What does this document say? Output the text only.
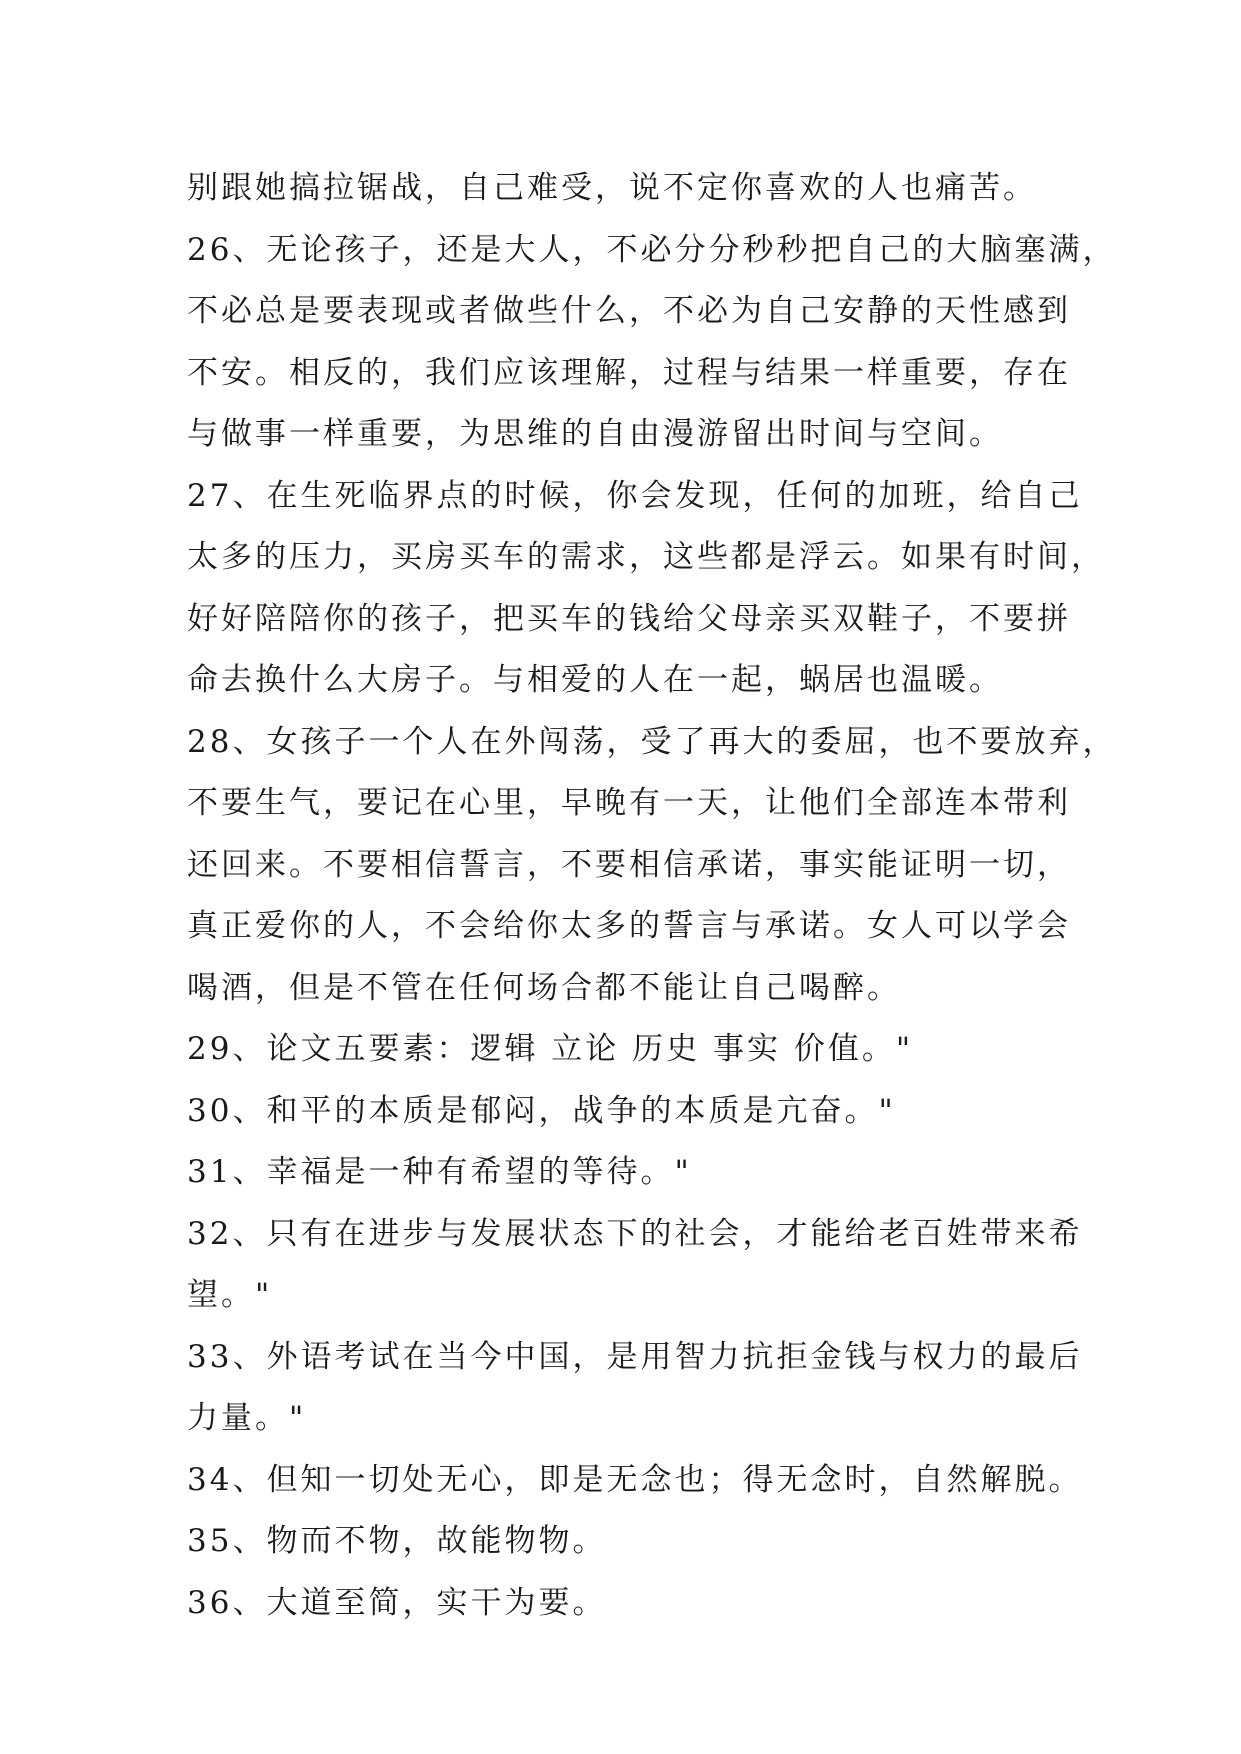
别跟她搞拉锯战，自己难受，说不定你喜欢的人也痛苦。
26、无论孩子，还是大人，不必分分秒秒把自己的大脑塞满，
不必总是要表现或者做些什么，不必为自己安静的天性感到
不安。相反的，我们应该理解，过程与结果一样重要，存在
与做事一样重要，为思维的自由漫游留出时间与空间。
27、在生死临界点的时候，你会发现，任何的加班，给自己
太多的压力，买房买车的需求，这些都是浮云。如果有时间，
好好陪陪你的孩子，把买车的钱给父母亲买双鞋子，不要拼
命去换什么大房子。与相爱的人在一起，蜗居也温暖。
28、女孩子一个人在外闯荡，受了再大的委屈，也不要放弃，
不要生气，要记在心里，早晚有一天，让他们全部连本带利
还回来。不要相信誓言，不要相信承诺，事实能证明一切，
真正爱你的人，不会给你太多的誓言与承诺。女人可以学会
喝酒，但是不管在任何场合都不能让自己喝醉。
29、论文五要素：逻辑 立论 历史 事实 价值。"
30、和平的本质是郁闷，战争的本质是亢奋。"
31、幸福是一种有希望的等待。"
32、只有在进步与发展状态下的社会，才能给老百姓带来希
望。"
33、外语考试在当今中国，是用智力抗拒金钱与权力的最后
力量。"
34、但知一切处无心，即是无念也；得无念时，自然解脱。
35、物而不物，故能物物。
36、大道至简，实干为要。
